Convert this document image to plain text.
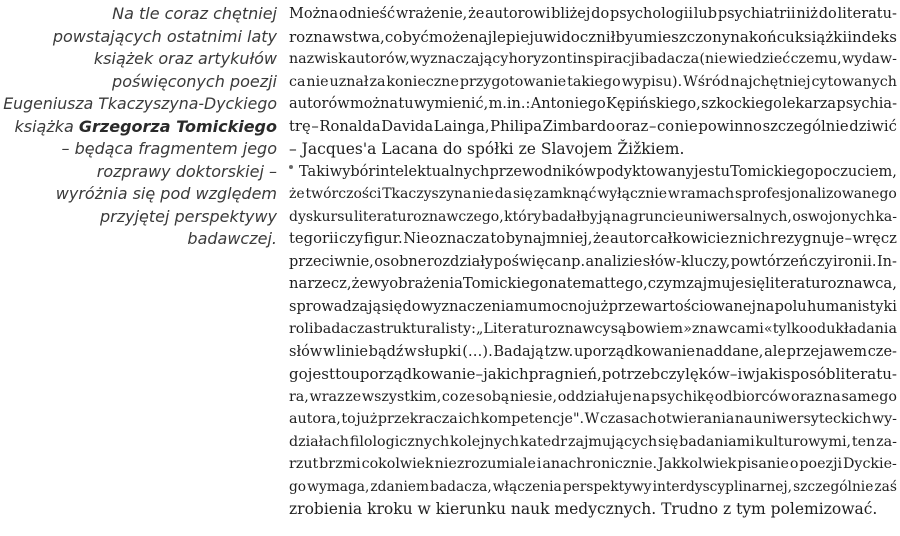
Na tle coraz chętniej
powstających ostatnimi laty
książek oraz artykułów
poświęconych poezji
Eugeniusza Tkaczyszyna-Dyckiego
książka Grzegorza Tomickiego
– będąca fragmentem jego
rozprawy doktorskiej –
wyróżnia się pod względem
przyjętej perspektywy
badawczej.
Można odnieść wrażenie, że autorowi bliżej do psychologii lub psychiatrii niż do literatu-
roznawstwa, co być może najlepiej uwidoczniłby umieszczony na końcu książki indeks
nazwisk autorów, wyznaczający horyzont inspiracji badacza (nie wiedzieć czemu, wydaw-
ca nie uznał za konieczne przygotowanie takiego wypisu). Wśród najchętniej cytowanych
autorów można tu wymienić, m.in.: Antoniego Kępińskiego, szkockiego lekarza psychia-
trę – Ronalda Davida Lainga, Philipa Zimbardo oraz – co nie powinno szczególnie dziwić
– Jacques'a Lacana do spółki ze Slavojem Žižkiem.
Taki wybór intelektualnych przewodników podyktowany jest u Tomickiego poczuciem,
że twórczości Tkaczyszyna nie da się zamknąć wyłącznie w ramach sprofesjonalizowanego
dyskursu literaturoznawczego, który badałby ją na gruncie uniwersalnych, oswojonych ka-
tegorii czy figur. Nie oznacza to bynajmniej, że autor całkowicie z nich rezygnuje – wręcz
przeciwnie, osobne rozdziały poświęca np. analizie słów-kluczy, powtórzeń czy ironii. In-
na rzecz, że wyobrażenia Tomickiego na temat tego, czym zajmuje się literaturoznawca,
sprowadzają się do wyznaczenia mu mocno już przewartościowanej na polu humanistyki
roli badacza strukturalisty: „Literaturoznawcy są bowiem »znawcami« tylko od układania
słów w linie bądź w słupki (…). Badają tzw. uporządkowanie naddane, ale przejawem cze-
go jest to uporządkowanie – jakich pragnień, potrzeb czy lęków – i w jaki sposób literatu-
ra, wraz ze wszystkim, co ze sobą niesie, oddziałuje na psychikę odbiorców oraz na samego
autora, to już przekracza ich kompetencje". W czasach otwierania na uniwersyteckich wy-
działach filologicznych kolejnych katedr zajmujących się badaniami kulturowymi, ten za-
rzut brzmi cokolwiek niezrozumiale i anachronicznie. Jakkolwiek pisanie o poezji Dyckie-
go wymaga, zdaniem badacza, włączenia perspektywy interdyscyplinarnej, szczególnie zaś
zrobienia kroku w kierunku nauk medycznych. Trudno z tym polemizować.
